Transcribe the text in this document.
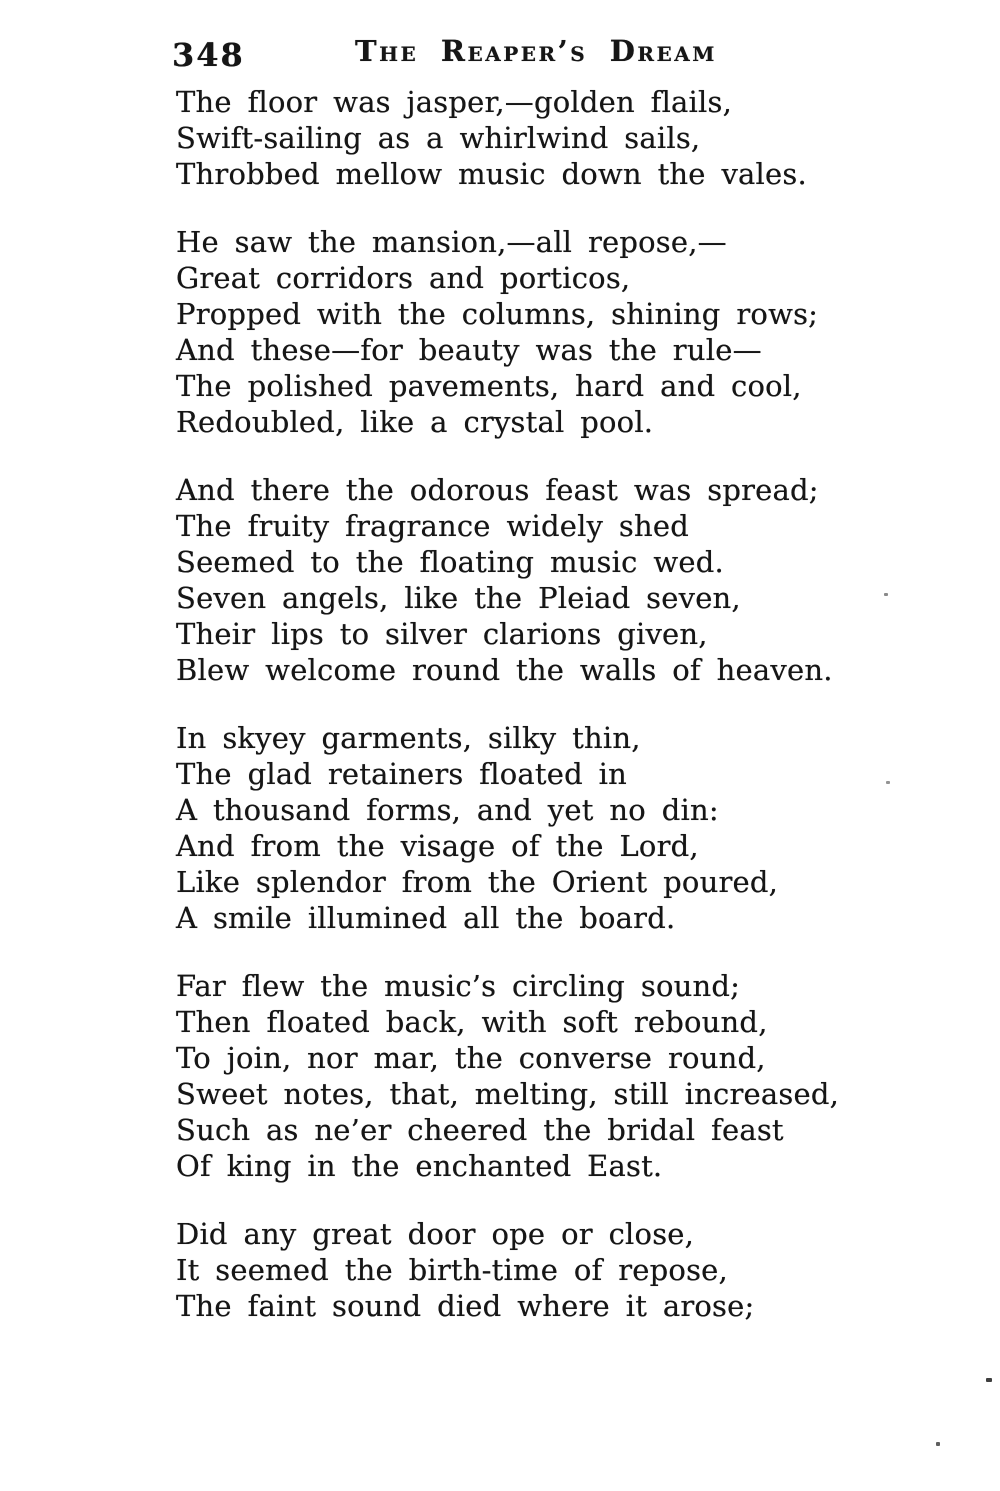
348	The Reaper’s Dream
The floor was jasper,—golden flails,
Swift-sailing as a whirlwind sails,
Throbbed mellow music down the vales.
He saw the mansion,—all repose,—
Great corridors and porticos,
Propped with the columns, shining rows;
And these—for beauty was the rule—
The polished pavements, hard and cool,
Redoubled, like a crystal pool.
And there the odorous feast was spread;
The fruity fragrance widely shed
Seemed to the floating music wed.
Seven angels, like the Pleiad seven,
Their lips to silver clarions given,
Blew welcome round the walls of heaven.
In skyey garments, silky thin,
The glad retainers floated in
A thousand forms, and yet no din:
And from the visage of the Lord,
Like splendor from the Orient poured,
A smile illumined all the board.
Far flew the music’s circling sound;
Then floated back, with soft rebound,
To join, nor mar, the converse round,
Sweet notes, that, melting, still increased,
Such as ne’er cheered the bridal feast
Of king in the enchanted East.
Did any great door ope or close,
It seemed the birth-time of repose,
The faint sound died where it arose;
